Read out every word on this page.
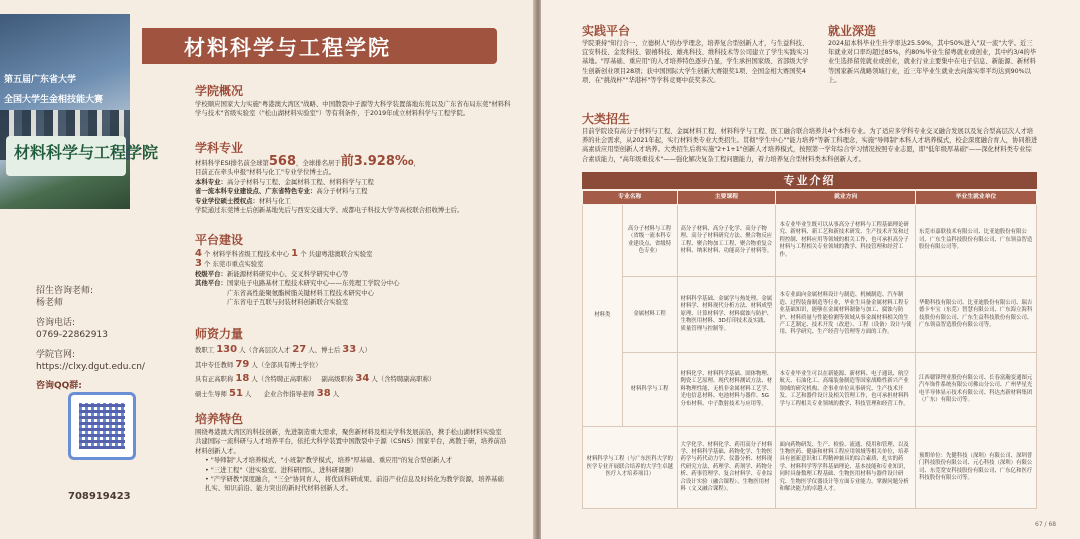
第五届广东省大学
全国大学生金相技能大赛
材料科学与工程学院
材料科学与工程学院
招生咨询老师:
杨老师
咨询电话:
0769-22862913
学院官网:
https://clxy.dgut.edu.cn/
咨询QQ群:
708919423
学院概况

学校顺应国家大力实施"粤港澳大湾区"战略、中国散裂中子源等大科学装置落地东莞以及广东省布局东莞"材料科学与技术"省级实验室（"松山湖材料实验室"）等有利条件，于2019年成立材料科学与工程学院。

学科专业

材料科学ESI排名前全球第568，全球排名居于前3.928‰，

目前正在牵头申报"材料与化工"专业学位博士点。

本科专业：高分子材料与工程、金属材料工程、材料科学与工程

省一流本科专业建设点、广东省特色专业：高分子材料与工程

专业学位硕士授权点：材料与化工

学院通过东莞博士后创新基地先后与西安交通大学、成都电子科技大学等高校联合招收博士后。

平台建设

4 个 材料学科省级工程技术中心 1 个 共建粤港澳联合实验室

3 个 东莞市重点实验室

校级平台：新能源材料研究中心、交叉科学研究中心等

其他平台：国家电子电路基材工程技术研究中心——东莞理工学院分中心

广东省高性能聚氨酯树脂关键材料工程技术研究中心

广东省电子互联与封装材料创新联合实验室

师资力量

教职工 130 人（含高层次人才 27 人、博士后 33 人）

其中专任教师 79 人（全部具有博士学位）

具有正高职称 18 人（含特聘正高职称） 副高级职称 34 人（含特聘副高职称）

硕士生导师 51 人 企业合作指导老师 38 人

培养特色

围绕粤港澳大湾区的科技创新，先进制造重大需求，聚焦新材料及相关学科发展前沿，携手松山湖材料实验室共建国际一流科研与人才培养平台，依托大科学装置中国散裂中子源（CSNS）国家平台，离散于研，培养前沿材料创新人才。

• "导师制"人才培养模式，"小班制"教学模式，培养"厚基础、重应用"的复合型创新人才

• "三进工程"（进实验室、进科研团队、进科研课题）

• "产学研教"深度融合，"三全"协同育人，将优质科研成果、前沿产业信息及时转化为教学资源，培养基础扎实、知识前沿、能力突出的新时代材料创新人才。

实践平台

学院秉持"知行合一、立德树人"的办学理念，培养复合型创新人才，与生益科技、宜安科技、金发科技、银禧科技、雄兆科技、维科技术等公司建立了学生实践实习基地。"厚基础、重应用"的人才培养特色逐步凸显，学生承担国家级、省部级大学生创新创业项目28项；获中国国际大学生创新大赛银奖1项、全国金相大赛国奖4项、在"挑战杯""华港杯"等学科竞赛中获奖多次。

就业深造

2024届本科毕业生升学率达25.59%，其中50%进入"双一流"大学。近三年就业对口率均超过85%，约80%毕业生留粤就业或创业，其中约3/4的毕业生选择留莞就业或创业，就业行业主要集中在电子信息、新能源、新材料等国家新兴战略领域行业，近三年毕业生就业去向落实率平均达到90%以上。

大类招生

目前学院设有高分子材料与工程、金属材料工程、材料科学与工程、医工融合联合培养共4个本科专业。为了适应多学科专业交叉融合发展以及复合型高层次人才培养的社会需求，从2021年起，实行材料类专业大类招生。贯彻"学生中心""能力培养"等新工科理念，实施"导师制"本科人才培养模式，校企深度融合育人，协同推进高素质应用型创新人才培养。大类招生后将实施"2+1+1"创新人才培养模式，按照第一学年综合学习情况按照专业志愿，即"低年级厚基础"——深化材料类专业综合素质能力，"高年级重技术"——强化解决复杂工程问题能力，着力培养复合型材料类本科创新人才。

专业介绍
专业名称		主要课程	就业方向	毕业生就业单位
材料类	高分子材料与工程（省级一流本科专业建设点、省级特色专业）	高分子材料、高分子化学、高分子物理、高分子材料研究方法、聚合物反应工程、聚合物加工工程、聚合物重复合材料、纳米材料、功能高分子材料等。	本专业毕业生既可以从事高分子材料与工程基础理论研究、新材料、新工艺和新技术研发、生产技术开发和过程控制、材料应用等领域的相关工作，也可承担高分子材料与工程相关专业领域的教学、科技管理和经营工作。	东莞市嘉联技术有限公司、比亚迪股份有限公司、广东生益科技股份有限公司、广东领益智造股份有限公司等。
	金属材料工程	材料科学基础、金属学与热处理、金属材料学、材料现代分析方法、材料成型原理、计算材料学、材料腐蚀与防护、生物医用材料、3D打印技术及实践、质量管理与控制等。	本专业面向金属材料设计与制造、机械制造、汽车制造、过程装备制造等行业，毕业生具备金属材料工程专业基础知识，能够在金属材料制备与加工、腐蚀与防护、材料质量与性能检测等领域从事金属材料相关的生产工艺制定、技术开发（改进）、工程（设备）设计与使用、科学研究、生产经营与管理等方面的工作。	华勤科技有限公司、比亚迪股份有限公司、瑞吉德卡车宝（东莞）智慧有限公司、广东海立海科技股份有限公司、广东生益科技股份有限公司、广东领益智造股份有限公司等。
	材料科学与工程	材料化学、材料科学基础、固体物理、陶瓷工艺原理、现代材料测试方法、材料物理性能、无机非金属材料工艺学、光电信息材料、电池材料与器件、5G分布材料、中子散射技术与应用等。	本专业毕业生可以在新能源、新材料、电子通讯、航空航天、石油化工、高端装备制造等国家战略性新兴产业领域的研究机构、企事业单位从事研究、生产技术开发、工艺和器件设计及相关管理工作，也可承担材料科学与工程相关专业领域的教学、科技管理和经营工作。	江西赣锋锂业股份有限公司、长春富瀚变通图元汽车饰件系统有限公司佛山分公司、广州华星光电半导体显示技术有限公司、科达杰新材料集团（广东）有限公司等。
材料科学与工程（与广东医科大学的医学专业开展联合培养的大学生卓越医疗人才培养项目）		大学化学、材料化学、药用高分子材料学、材料科学基础、药物化学、生物医药学与药代动力学、仪器分析、材料现代研究方法、药理学、药剂学、药物分析、药事管理学、复合材料学、专业综合设计实验（融合课程）、生物医用材料（文又融合课程）。	面向药物研发、生产、检验、流通、使用和管理、以及生物医药、健康和材料工程应用领域等相关单位，培养具有创新意识和工程精神兼具的综合素质、扎实的药学、材料科学等学科基础理论、基本技能和专业知识，同时具备数理工程基础、生物医用材料与器件设计研究、生物医学仪器设计等方面专业能力，掌握问题分析和解决能力的卓越人才。	预期单位：先健科技（深圳）有限公司、深圳普门科技股份有限公司、元心科技（深圳）有限公司、东莞宽安科技股份有限公司、广东亿和医疗科技股份有限公司等。
67 / 68
